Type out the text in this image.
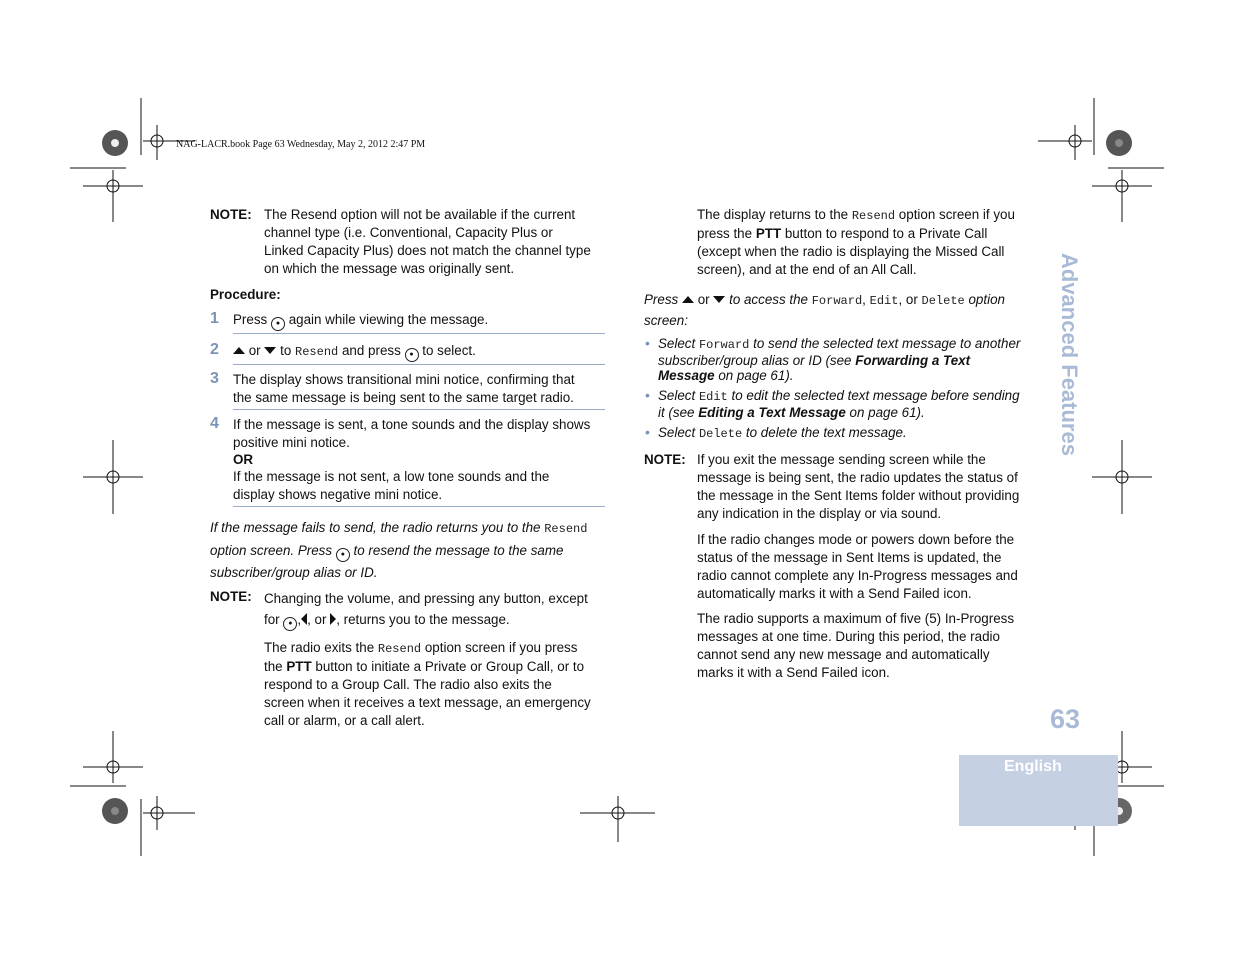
NAG-LACR.book Page 63 Wednesday, May 2, 2012 2:47 PM
NOTE: The Resend option will not be available if the current
channel type (i.e. Conventional, Capacity Plus or
Linked Capacity Plus) does not match the channel type
on which the message was originally sent.
Procedure:
1 Press ● again while viewing the message.
2	or to Resend and press ● to select.
3 The display shows transitional mini notice, confirming that
the same message is being sent to the same target radio.
4 If the message is sent, a tone sounds and the display shows
positive mini notice.
OR
If the message is not sent, a low tone sounds and the
display shows negative mini notice.
If the message fails to send, the radio returns you to the Resend
option screen. Press ● to resend the message to the same
subscriber/group alias or ID.
NOTE: Changing the volume, and pressing any button, except
for ● , , or , returns you to the message.
The radio exits the Resend option screen if you press
the PTT button to initiate a Private or Group Call, or to
respond to a Group Call. The radio also exits the
screen when it receives a text message, an emergency
call or alarm, or a call alert.
The display returns to the Resend option screen if you
press the PTT button to respond to a Private Call
(except when the radio is displaying the Missed Call
screen), and at the end of an All Call.
Press or to access the Forward, Edit, or Delete option
screen:
• Select Forward to send the selected text message to another
subscriber/group alias or ID (see Forwarding a Text
Message on page 61).
• Select Edit to edit the selected text message before sending
it (see Editing a Text Message on page 61).
• Select Delete to delete the text message.
NOTE: If you exit the message sending screen while the
message is being sent, the radio updates the status of
the message in the Sent Items folder without providing
any indication in the display or via sound.
If the radio changes mode or powers down before the
status of the message in Sent Items is updated, the
radio cannot complete any In-Progress messages and
automatically marks it with a Send Failed icon.
The radio supports a maximum of five (5) In-Progress
messages at one time. During this period, the radio
cannot send any new message and automatically
marks it with a Send Failed icon.
Advanced Features
63
English
